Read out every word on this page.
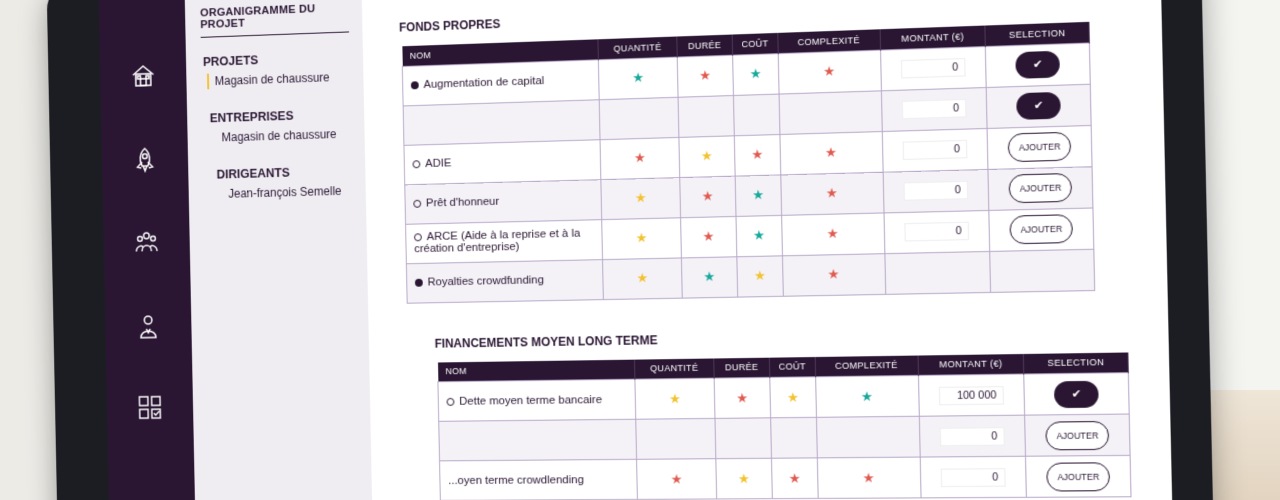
ORGANIGRAMME DU PROJET
PROJETS
Magasin de chaussure
ENTREPRISES
Magasin de chaussure
DIRIGEANTS
Jean-françois Semelle
FONDS PROPRES
NOM	QUANTITÉ	DURÉE	COÛT	COMPLEXITÉ	MONTANT (€)	SELECTION
Augmentation de capital	★	★	★	★	0	✔
					0	✔
ADIE	★	★	★	★	0	AJOUTER
Prêt d'honneur	★	★	★	★	0	AJOUTER
ARCE (Aide à la reprise et à la création d'entreprise)	★	★	★	★	0	AJOUTER
Royalties crowdfunding	★	★	★	★		
FINANCEMENTS MOYEN LONG TERME
NOM	QUANTITÉ	DURÉE	COÛT	COMPLEXITÉ	MONTANT (€)	SELECTION
Dette moyen terme bancaire	★	★	★	★	100 000	✔
					0	AJOUTER
...oyen terme crowdlending	★	★	★	★	0	AJOUTER
